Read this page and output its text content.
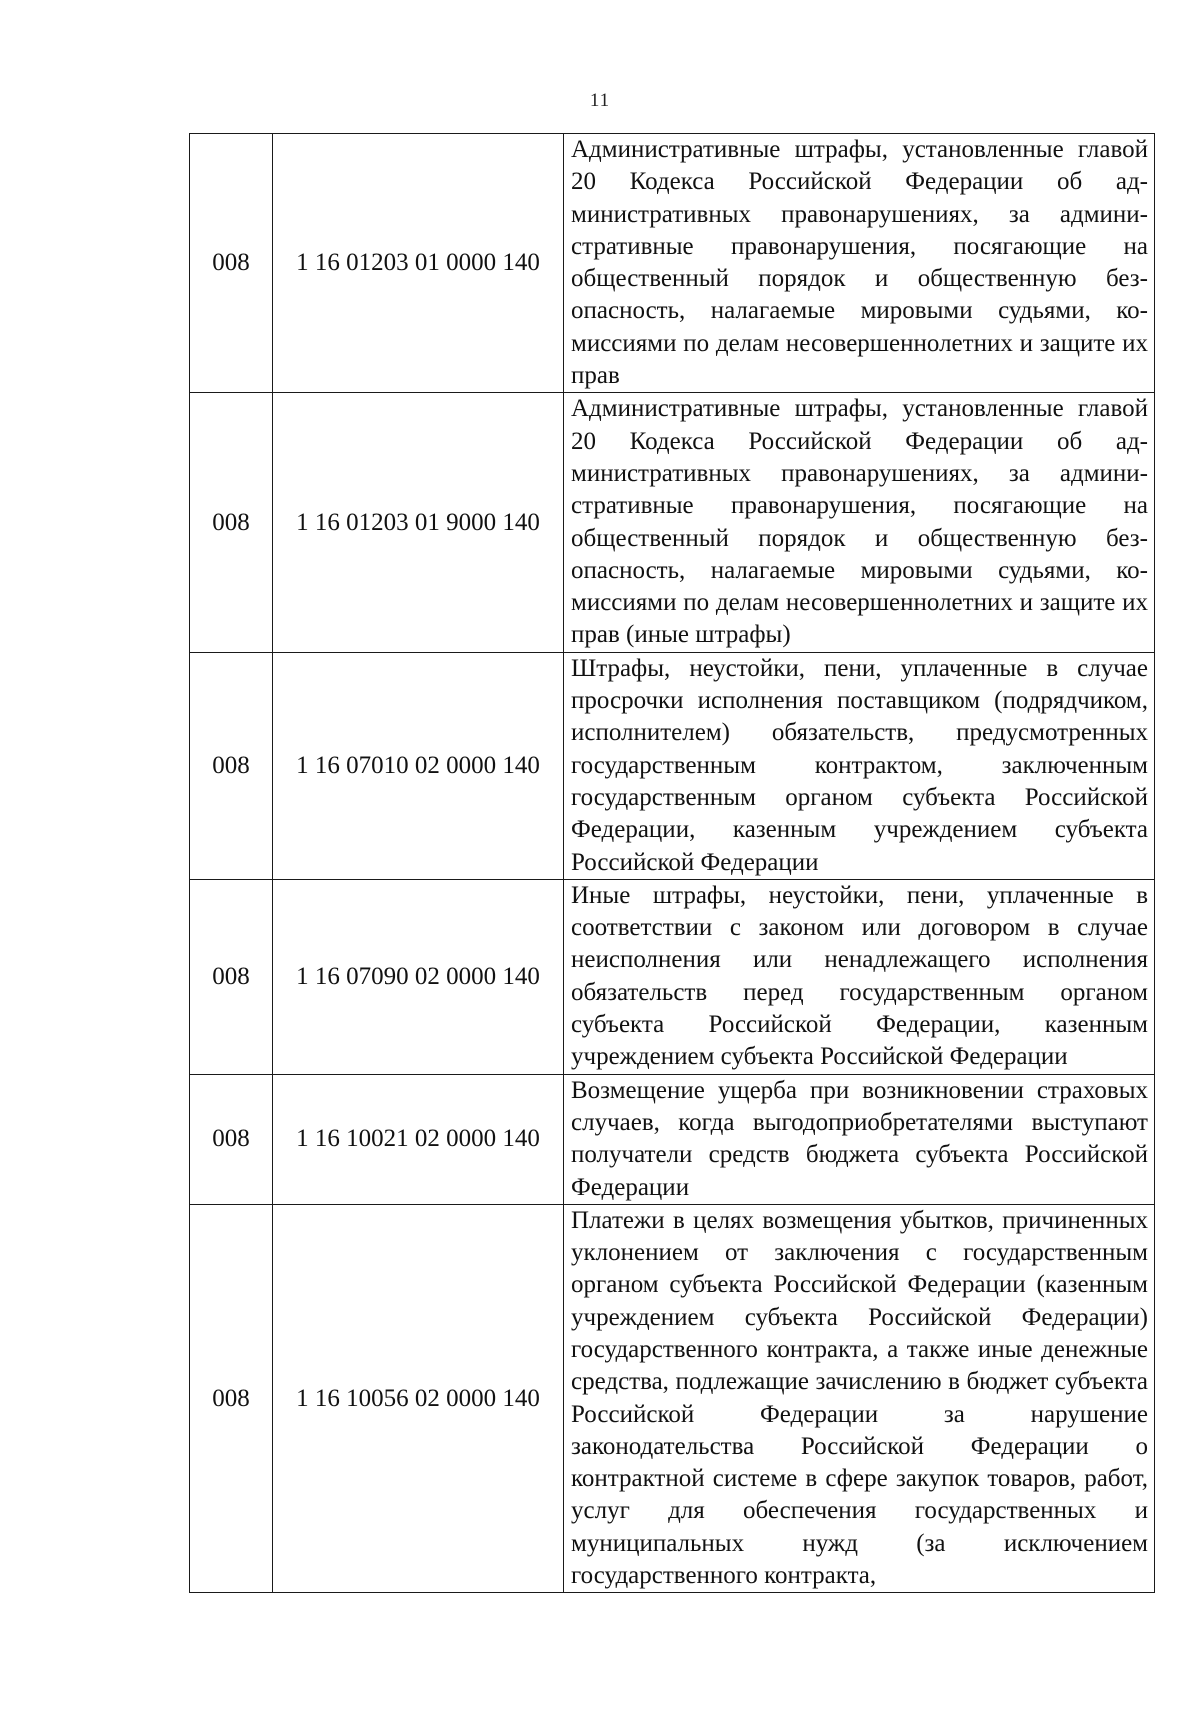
11
008	1 16 01203 01 0000 140	Административные штрафы, установленные главой 20 Кодекса Российской Федерации об административных правонарушениях, за административные правонарушения, посягающие на общественный порядок и общественную безопасность, налагаемые мировыми судьями, комиссиями по делам несовершеннолетних и защите их прав

008	1 16 01203 01 9000 140	Административные штрафы, установленные главой 20 Кодекса Российской Федерации об административных правонарушениях, за административные правонарушения, посягающие на общественный порядок и общественную безопасность, налагаемые мировыми судьями, комиссиями по делам несовершеннолетних и защите их прав (иные штрафы)

008	1 16 07010 02 0000 140	Штрафы, неустойки, пени, уплаченные в случае просрочки исполнения поставщиком (подрядчиком, исполнителем) обязательств, предусмотренных государственным контрактом, заключенным государственным органом субъекта Российской Федерации, казенным учреждением субъекта Российской Федерации

008	1 16 07090 02 0000 140	Иные штрафы, неустойки, пени, уплаченные в соответствии с законом или договором в случае неисполнения или ненадлежащего исполнения обязательств перед государственным органом субъекта Российской Федерации, казенным учреждением субъекта Российской Федерации

008	1 16 10021 02 0000 140	Возмещение ущерба при возникновении страховых случаев, когда выгодоприобретателями выступают получатели средств бюджета субъекта Российской Федерации

008	1 16 10056 02 0000 140	Платежи в целях возмещения убытков, причиненных уклонением от заключения с государственным органом субъекта Российской Федерации (казенным учреждением субъекта Российской Федерации) государственного контракта, а также иные денежные средства, подлежащие зачислению в бюджет субъекта Российской Федерации за нарушение законодательства Российской Федерации о контрактной системе в сфере закупок товаров, работ, услуг для обеспечения государственных и муниципальных нужд (за исключением государственного контракта,
